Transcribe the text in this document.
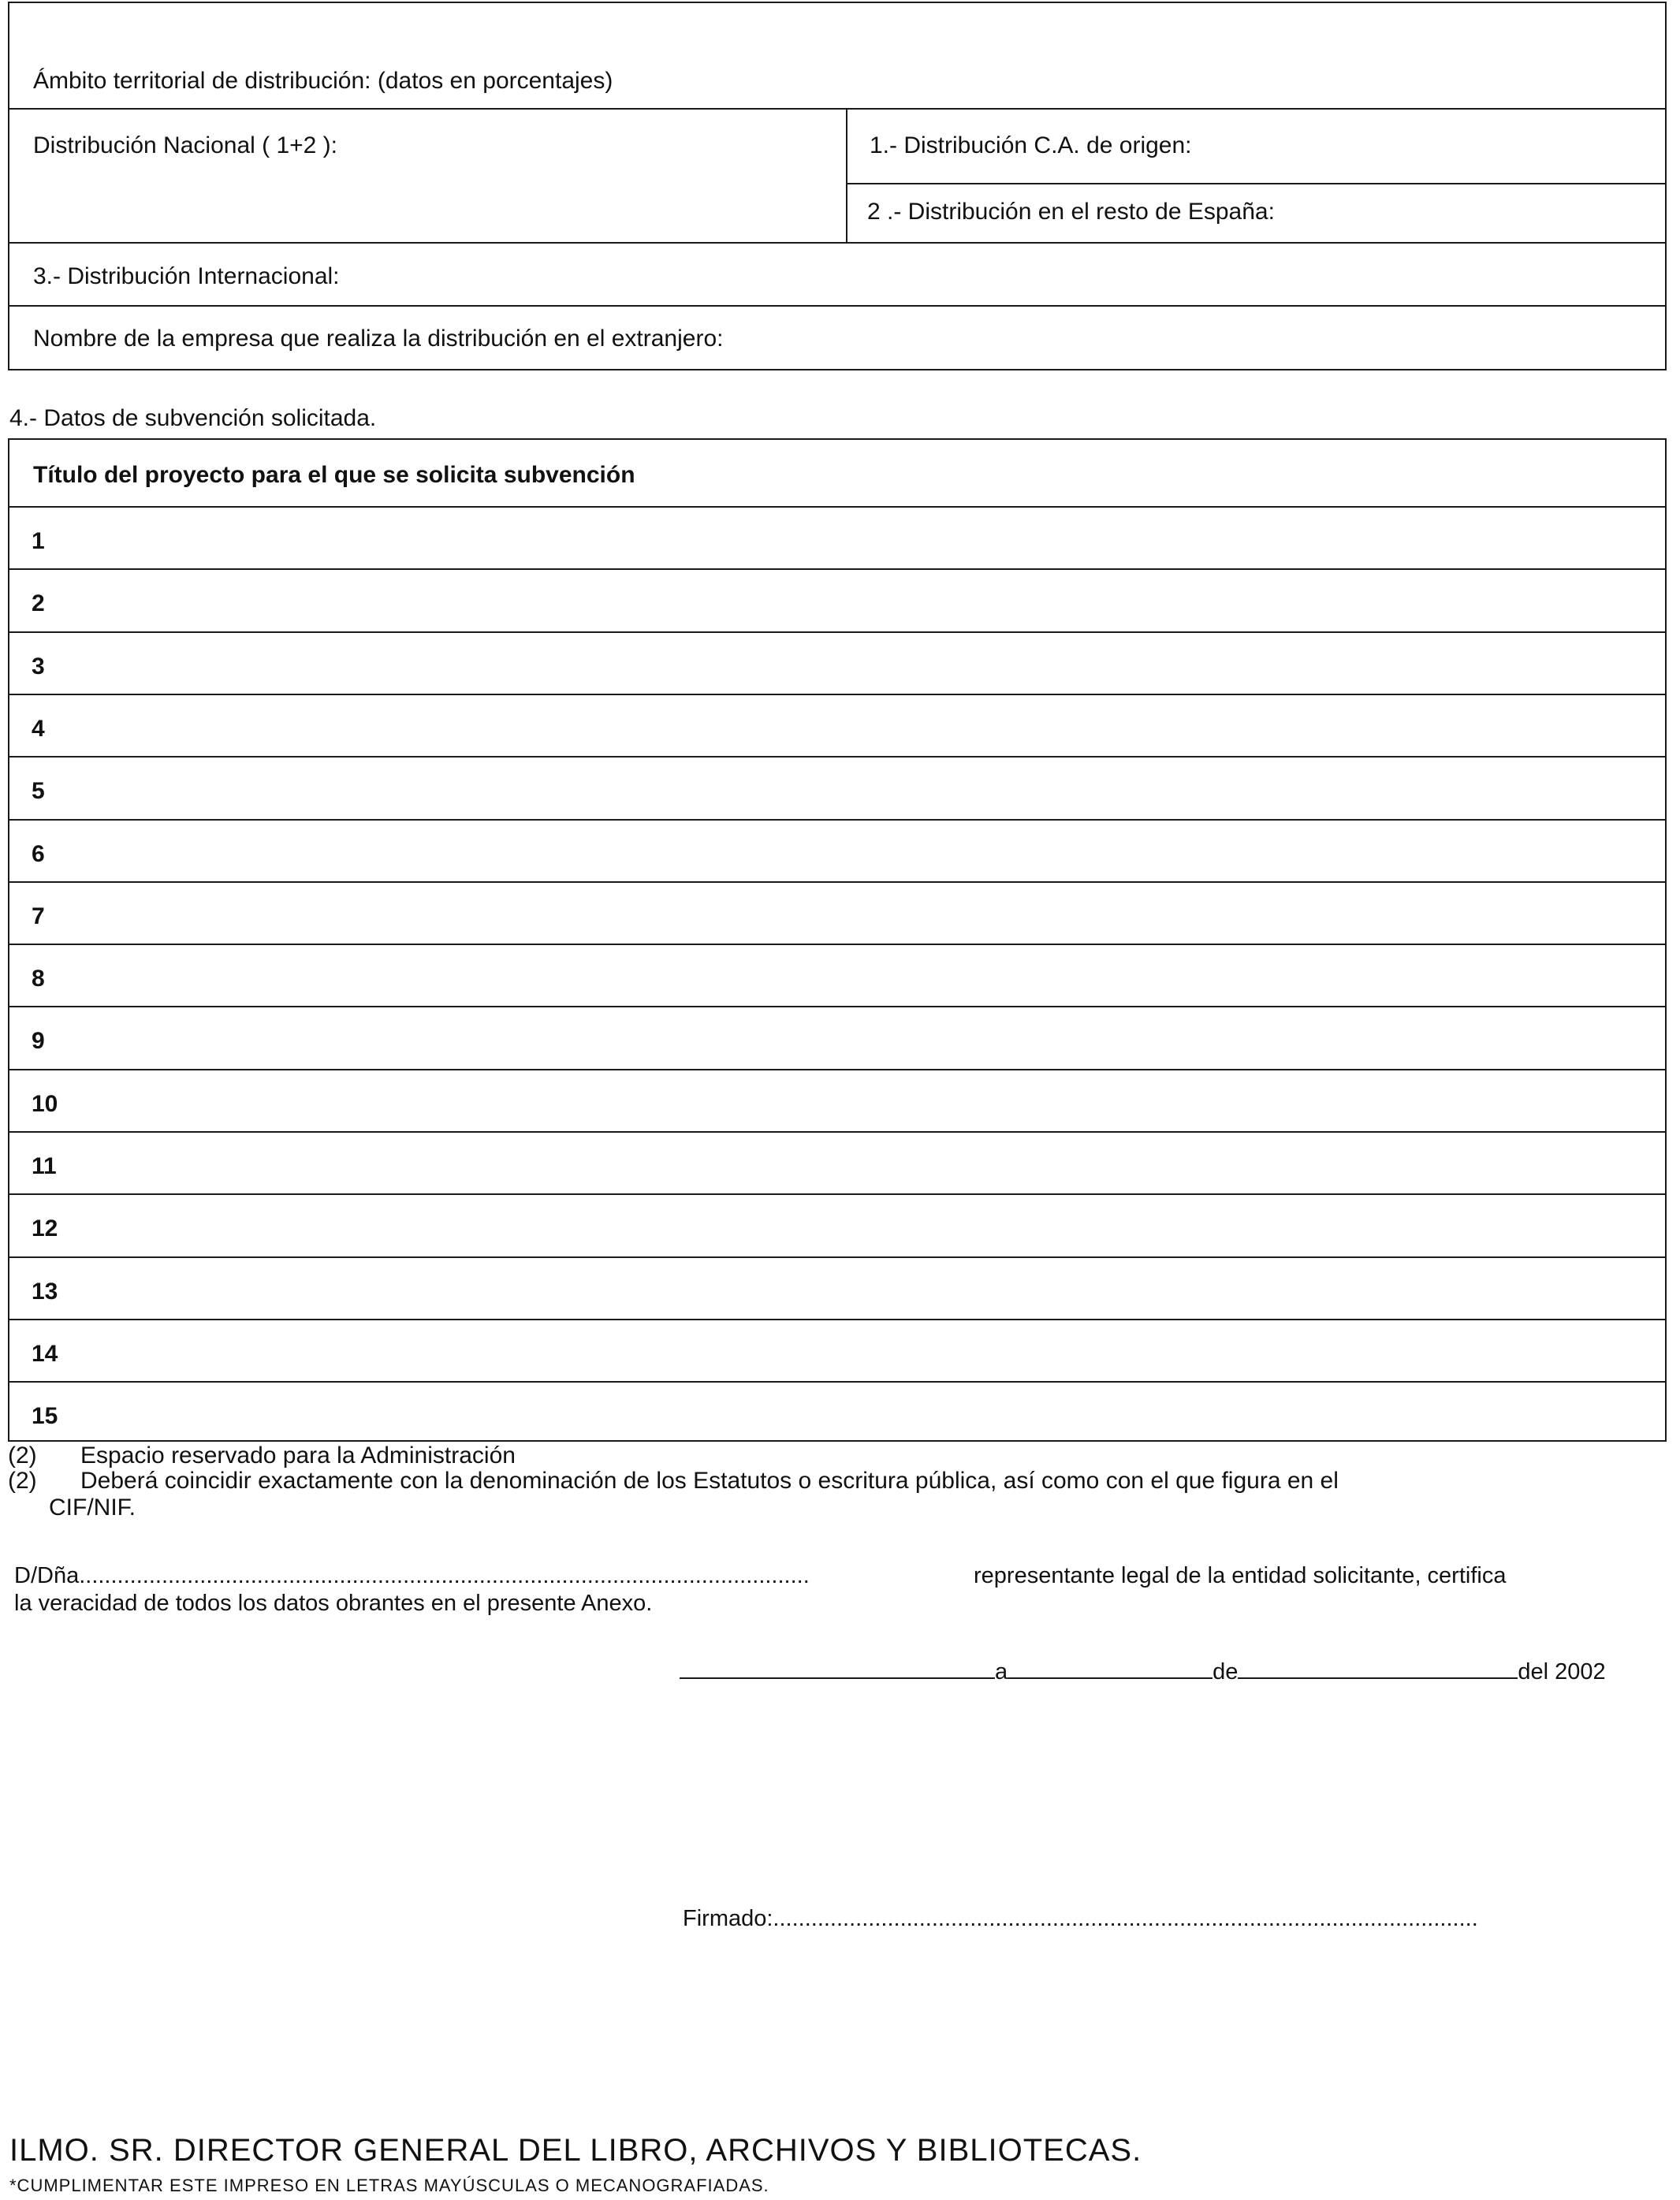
Ámbito territorial de distribución: (datos en porcentajes)
Distribución Nacional ( 1+2 ):	1.- Distribución C.A. de origen:
2 .- Distribución en el resto de España:
3.- Distribución Internacional:
Nombre de la empresa que realiza la distribución en el extranjero:
4.- Datos de subvención solicitada.
Título del proyecto para el que se solicita subvención
1
2
3
4
5
6
7
8
9
10
11
12
13
14
15
(2) Espacio reservado para la Administración
(2) Deberá coincidir exactamente con la denominación de los Estatutos o escritura pública, así como con el que figura en el
CIF/NIF.
D/Dña...................................................................................................................	representante legal de la entidad solicitante, certifica
la veracidad de todos los datos obrantes en el presente Anexo.
a	de	del 2002
Firmado:...............................................................................................................
ILMO. SR. DIRECTOR GENERAL DEL LIBRO, ARCHIVOS Y BIBLIOTECAS.
*CUMPLIMENTAR ESTE IMPRESO EN LETRAS MAYÚSCULAS O MECANOGRAFIADAS.
